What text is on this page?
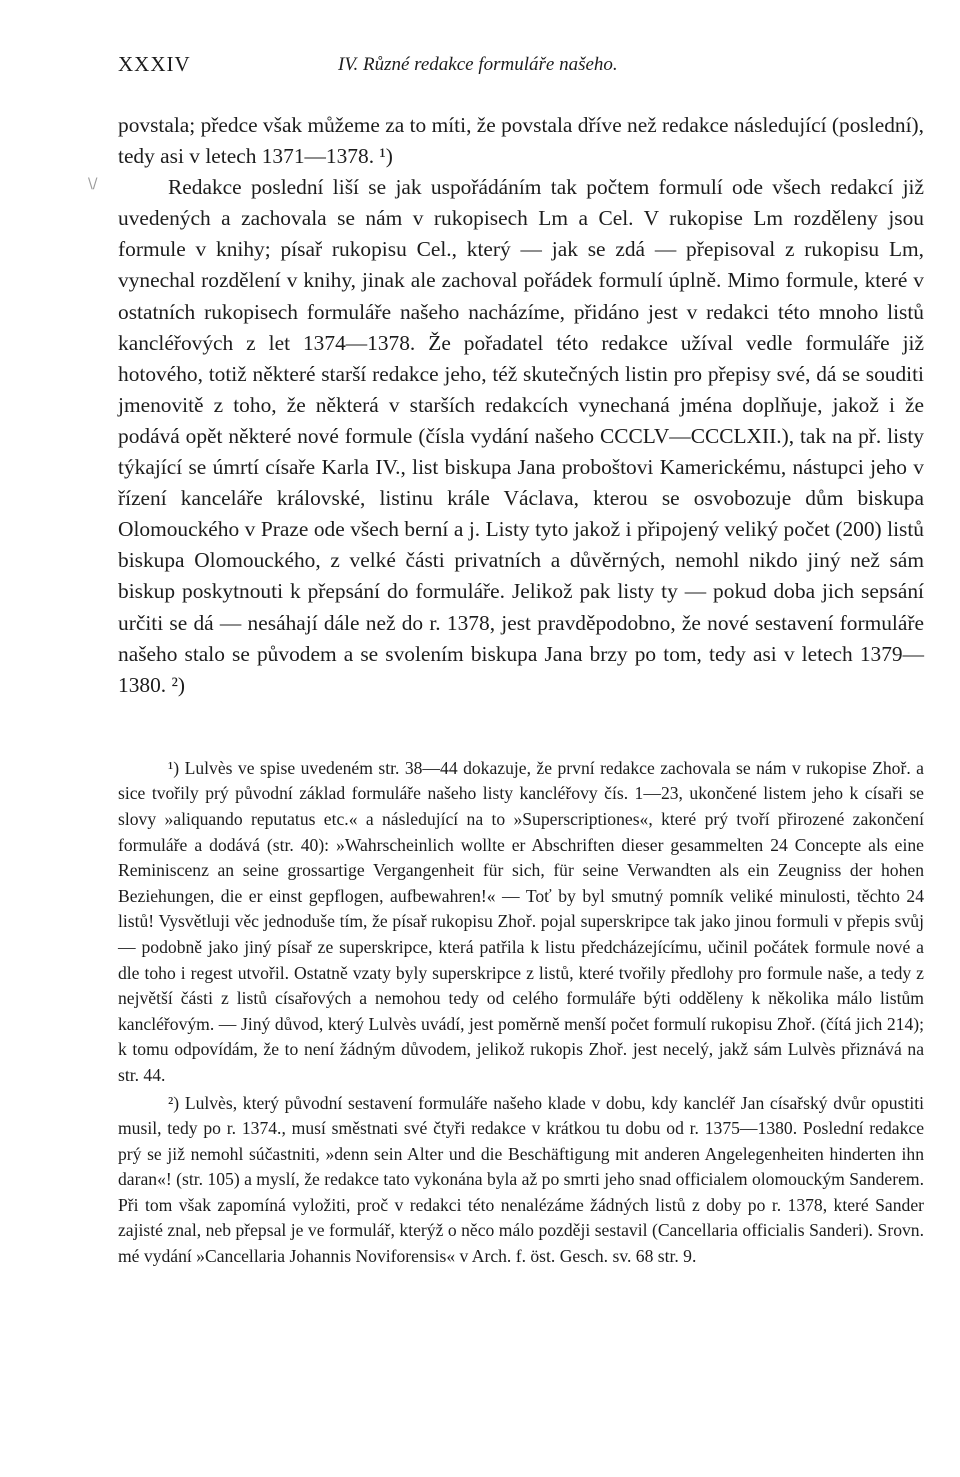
\/
XXXIV	IV. Různé redakce formuláře našeho.

povstala; předce však můžeme za to míti, že povstala dříve než redakce následující (poslední), tedy asi v letech 1371—1378. ¹)

Redakce poslední liší se jak uspořádáním tak počtem formulí ode všech redakcí již uvedených a zachovala se nám v rukopisech Lm a Cel. V rukopise Lm rozděleny jsou formule v knihy; písař rukopisu Cel., který — jak se zdá — přepisoval z rukopisu Lm, vynechal rozdělení v knihy, jinak ale zachoval pořádek formulí úplně. Mimo formule, které v ostatních rukopisech formuláře našeho nacházíme, přidáno jest v redakci této mnoho listů kancléřových z let 1374—1378. Že pořadatel této redakce užíval vedle formuláře již hotového, totiž některé starší redakce jeho, též skutečných listin pro přepisy své, dá se souditi jmenovitě z toho, že některá v starších redakcích vynechaná jména doplňuje, jakož i že podává opět některé nové formule (čísla vydání našeho CCCLV—CCCLXII.), tak na př. listy týkající se úmrtí císaře Karla IV., list biskupa Jana proboštovi Kamerickému, nástupci jeho v řízení kanceláře královské, listinu krále Václava, kterou se osvobozuje dům biskupa Olomouckého v Praze ode všech berní a j. Listy tyto jakož i připojený veliký počet (200) listů biskupa Olomouckého, z velké části privatních a důvěrných, nemohl nikdo jiný než sám biskup poskytnouti k přepsání do formuláře. Jelikož pak listy ty — pokud doba jich sepsání určiti se dá — nesáhají dále než do r. 1378, jest pravděpodobno, že nové sestavení formuláře našeho stalo se původem a se svolením biskupa Jana brzy po tom, tedy asi v letech 1379—1380. ²)

¹) Lulvès ve spise uvedeném str. 38—44 dokazuje, že první redakce zachovala se nám v rukopise Zhoř. a sice tvořily prý původní základ formuláře našeho listy kancléřovy čís. 1—23, ukončené listem jeho k císaři se slovy »aliquando reputatus etc.« a následující na to »Superscriptiones«, které prý tvoří přirozené zakončení formuláře a dodává (str. 40): »Wahrscheinlich wollte er Abschriften dieser gesammelten 24 Concepte als eine Reminiscenz an seine grossartige Vergangenheit für sich, für seine Verwandten als ein Zeugniss der hohen Beziehungen, die er einst gepflogen, aufbewahren!« — Toť by byl smutný pomník veliké minulosti, těchto 24 listů! Vysvětluji věc jednoduše tím, že písař rukopisu Zhoř. pojal superskripce tak jako jinou formuli v přepis svůj — podobně jako jiný písař ze superskripce, která patřila k listu předcházejícímu, učinil počátek formule nové a dle toho i regest utvořil. Ostatně vzaty byly superskripce z listů, které tvořily předlohy pro formule naše, a tedy z největší části z listů císařových a nemohou tedy od celého formuláře býti odděleny k několika málo listům kancléřovým. — Jiný důvod, který Lulvès uvádí, jest poměrně menší počet formulí rukopisu Zhoř. (čítá jich 214); k tomu odpovídám, že to není žádným důvodem, jelikož rukopis Zhoř. jest necelý, jakž sám Lulvès přiznává na str. 44.

²) Lulvès, který původní sestavení formuláře našeho klade v dobu, kdy kancléř Jan císařský dvůr opustiti musil, tedy po r. 1374., musí směstnati své čtyři redakce v krátkou tu dobu od r. 1375—1380. Poslední redakce prý se již nemohl súčastniti, »denn sein Alter und die Beschäftigung mit anderen Angelegenheiten hinderten ihn daran«! (str. 105) a myslí, že redakce tato vykonána byla až po smrti jeho snad officialem olomouckým Sanderem. Při tom však zapomíná vyložiti, proč v redakci této nenalézáme žádných listů z doby po r. 1378, které Sander zajisté znal, neb přepsal je ve formulář, kterýž o něco málo později sestavil (Cancellaria officialis Sanderi). Srovn. mé vydání »Cancellaria Johannis Noviforensis« v Arch. f. öst. Gesch. sv. 68 str. 9.
